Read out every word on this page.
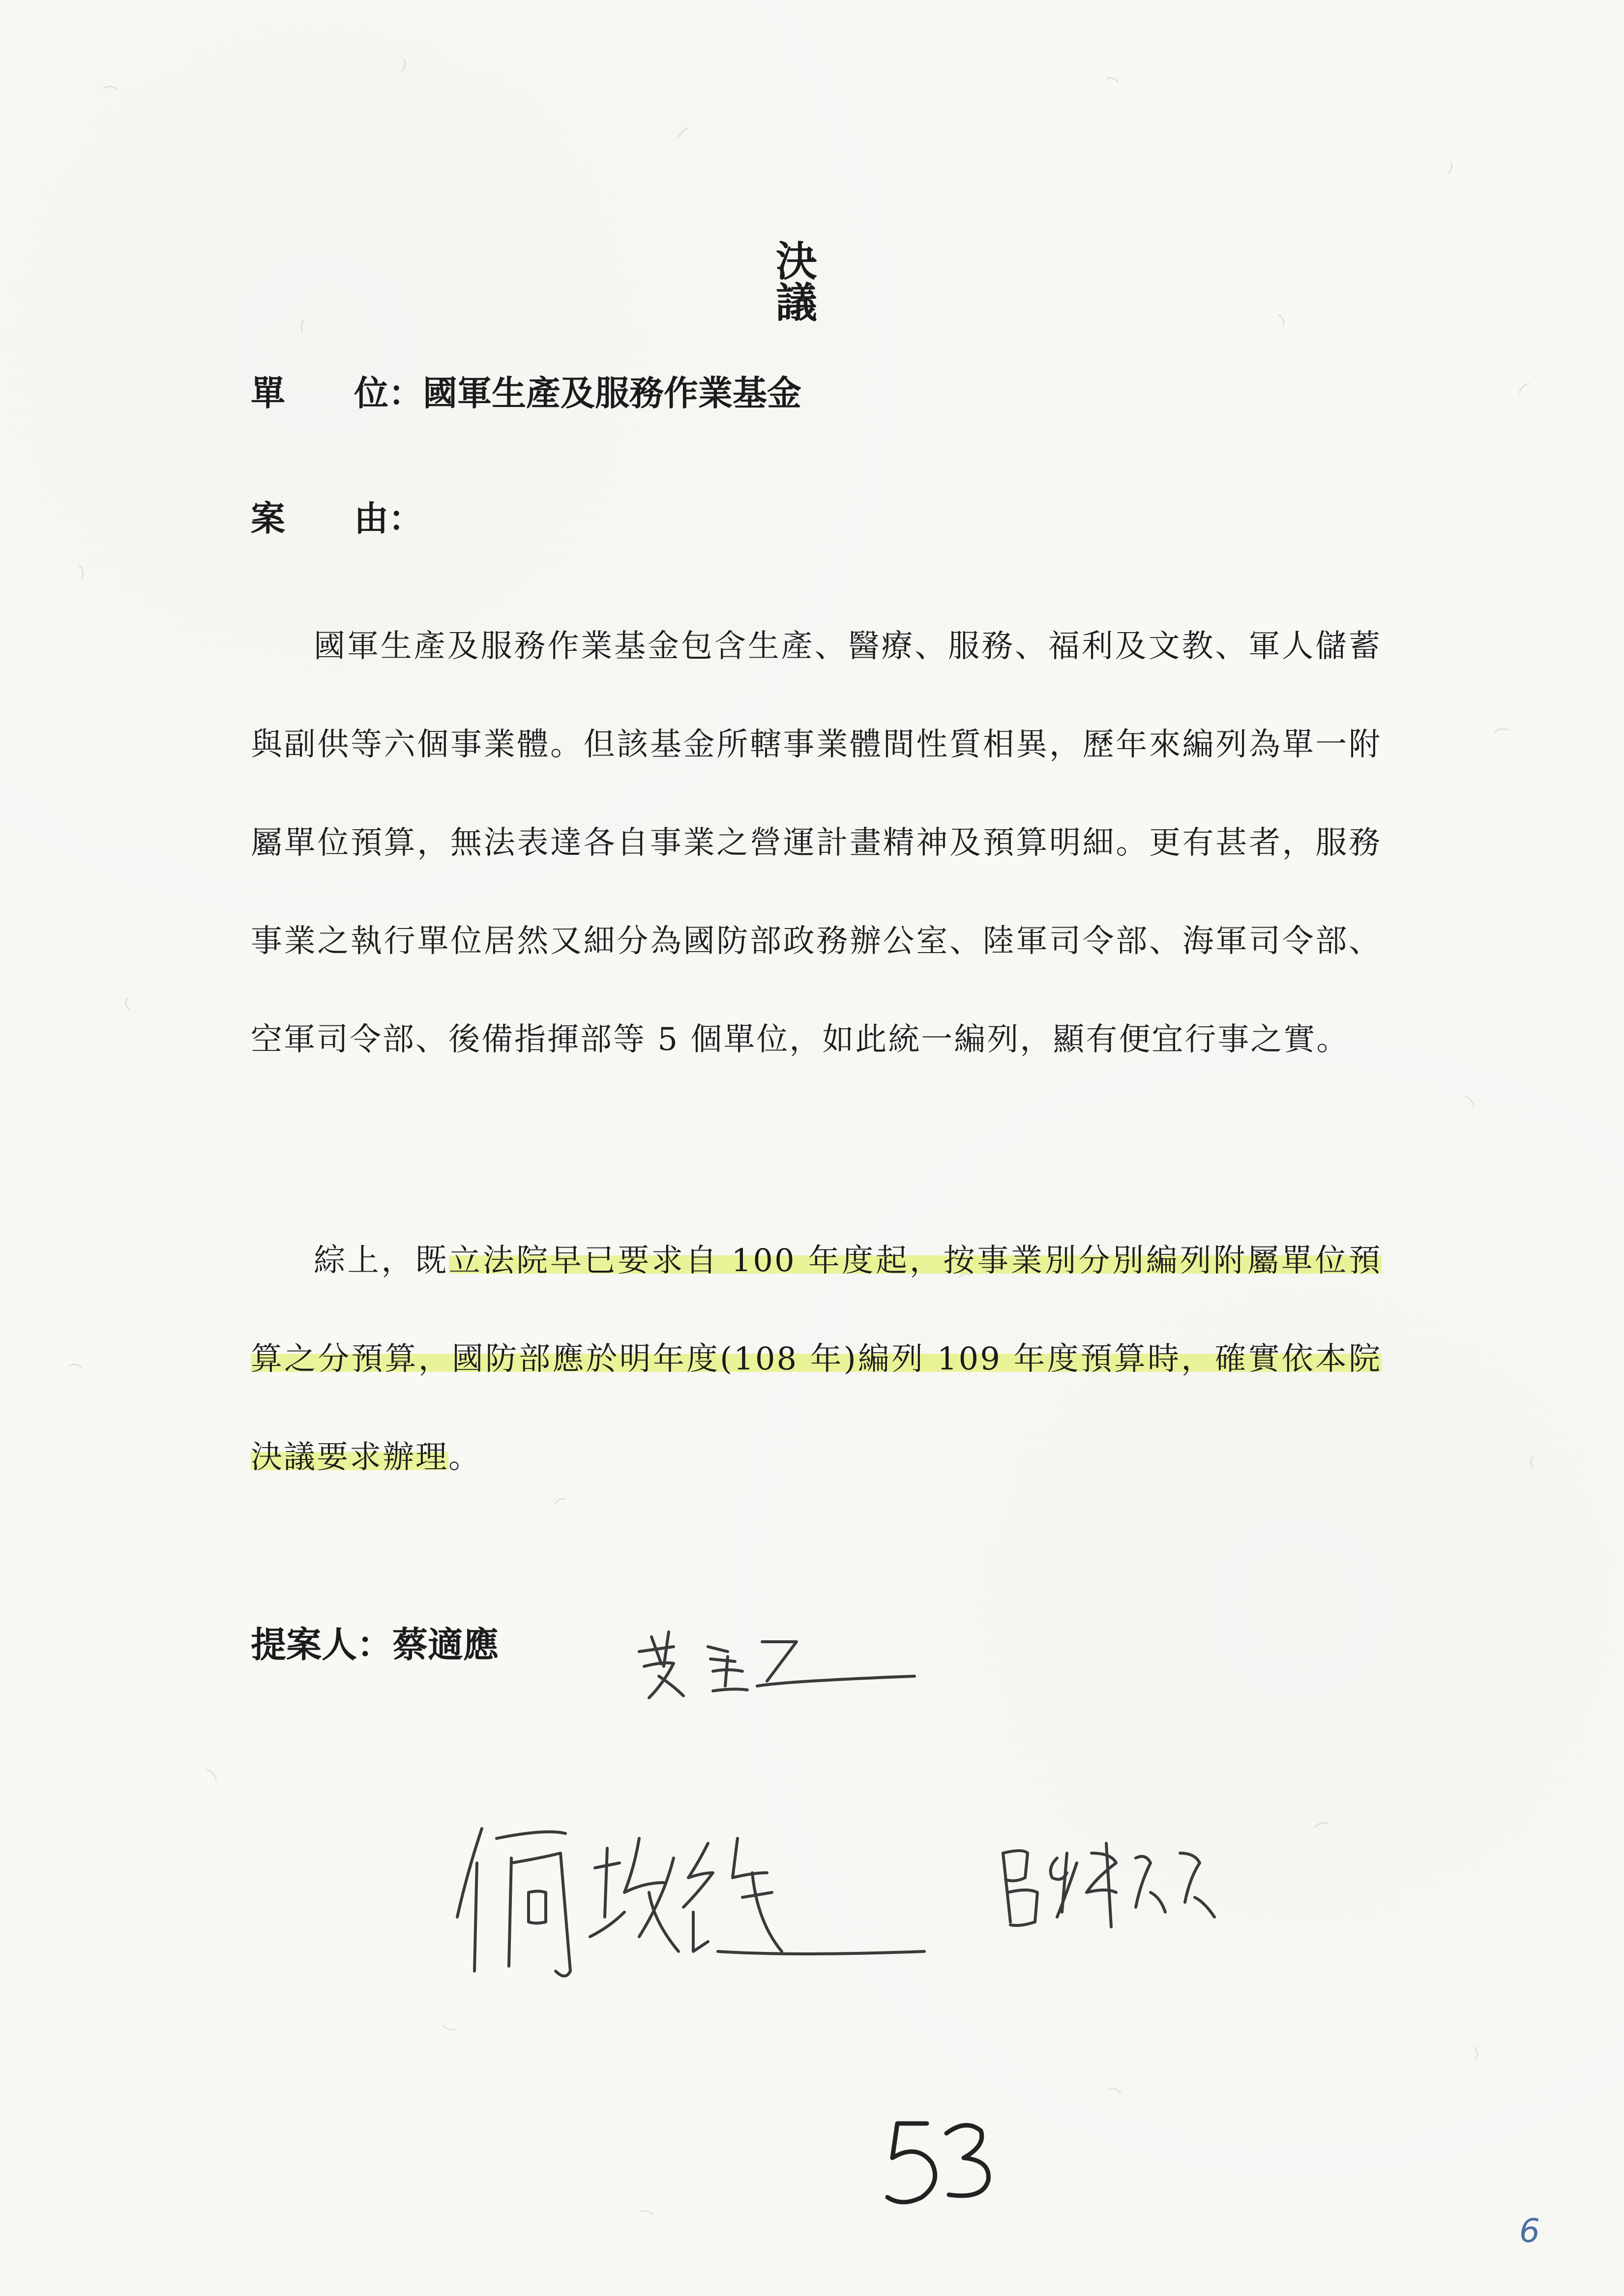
決議
單　　位：國軍生產及服務作業基金
案　　由：
國軍生產及服務作業基金包含生產、醫療、服務、福利及文教、軍人儲蓄與副供等六個事業體。但該基金所轄事業體間性質相異，歷年來編列為單一附屬單位預算，無法表達各自事業之營運計畫精神及預算明細。更有甚者，服務事業之執行單位居然又細分為國防部政務辦公室、陸軍司令部、海軍司令部、空軍司令部、後備指揮部等 5 個單位，如此統一編列，顯有便宜行事之實。
綜上，既立法院早已要求自 100 年度起，按事業別分別編列附屬單位預算之分預算，國防部應於明年度(108 年)編列 109 年度預算時，確實依本院決議要求辦理。
提案人：蔡適應
53
6
